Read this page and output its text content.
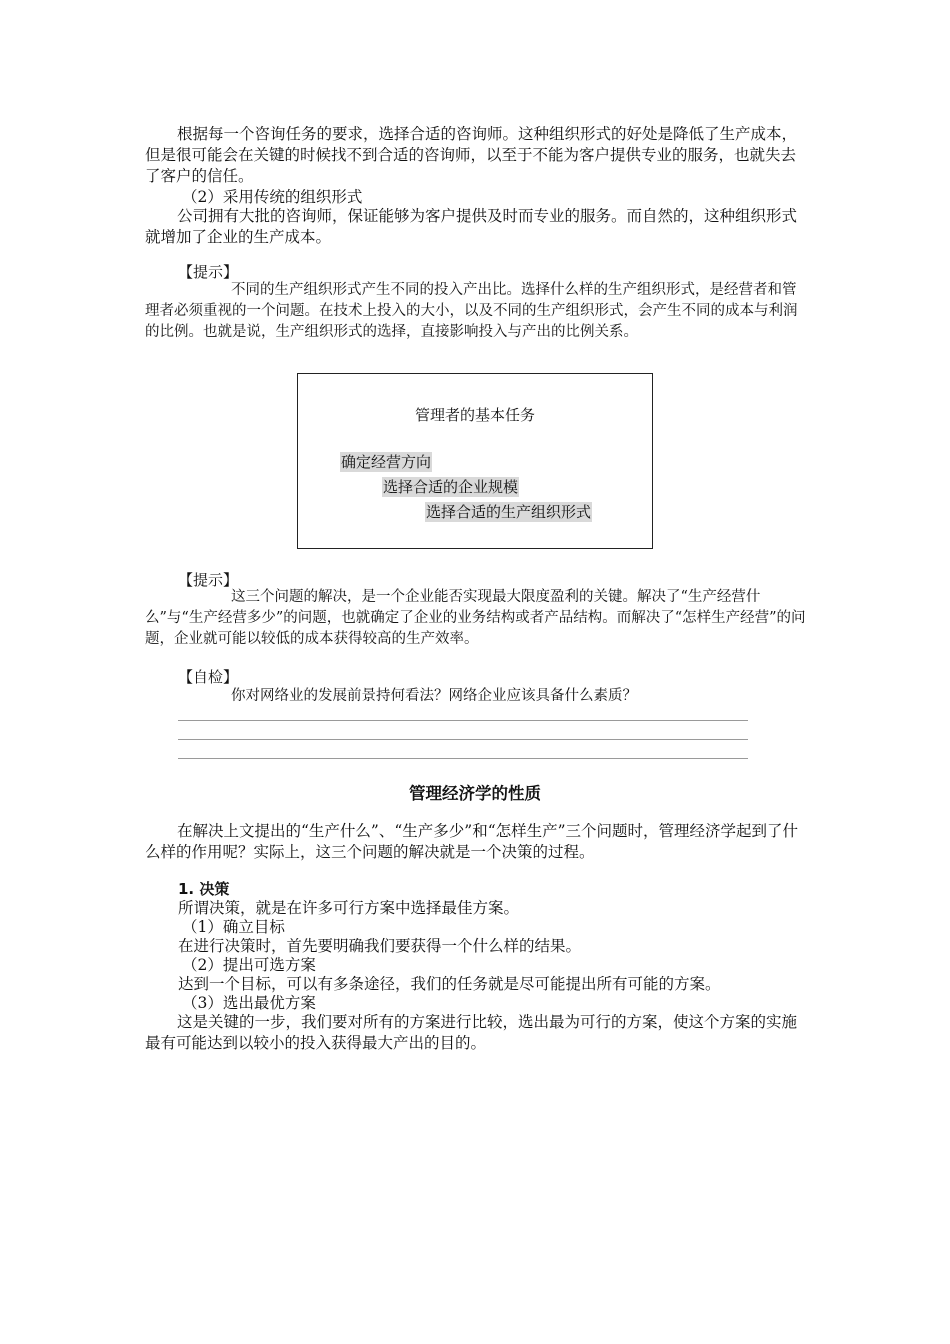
根据每一个咨询任务的要求，选择合适的咨询师。这种组织形式的好处是降低了生产成本，但是很可能会在关键的时候找不到合适的咨询师，以至于不能为客户提供专业的服务，也就失去了客户的信任。

（2）采用传统的组织形式

公司拥有大批的咨询师，保证能够为客户提供及时而专业的服务。而自然的，这种组织形式就增加了企业的生产成本。

【提示】

不同的生产组织形式产生不同的投入产出比。选择什么样的生产组织形式，是经营者和管理者必须重视的一个问题。在技术上投入的大小，以及不同的生产组织形式，会产生不同的成本与利润的比例。也就是说，生产组织形式的选择，直接影响投入与产出的比例关系。

管理者的基本任务
确定经营方向
选择合适的企业规模
选择合适的生产组织形式

【提示】

这三个问题的解决，是一个企业能否实现最大限度盈利的关键。解决了“生产经营什么”与“生产经营多少”的问题，也就确定了企业的业务结构或者产品结构。而解决了“怎样生产经营”的问题，企业就可能以较低的成本获得较高的生产效率。

【自检】

你对网络业的发展前景持何看法？网络企业应该具备什么素质？

管理经济学的性质

在解决上文提出的“生产什么”、“生产多少”和“怎样生产”三个问题时，管理经济学起到了什么样的作用呢？实际上，这三个问题的解决就是一个决策的过程。

1. 决策

所谓决策，就是在许多可行方案中选择最佳方案。

（1）确立目标

在进行决策时，首先要明确我们要获得一个什么样的结果。

（2）提出可选方案

达到一个目标，可以有多条途径，我们的任务就是尽可能提出所有可能的方案。

（3）选出最优方案

这是关键的一步，我们要对所有的方案进行比较，选出最为可行的方案，使这个方案的实施最有可能达到以较小的投入获得最大产出的目的。
